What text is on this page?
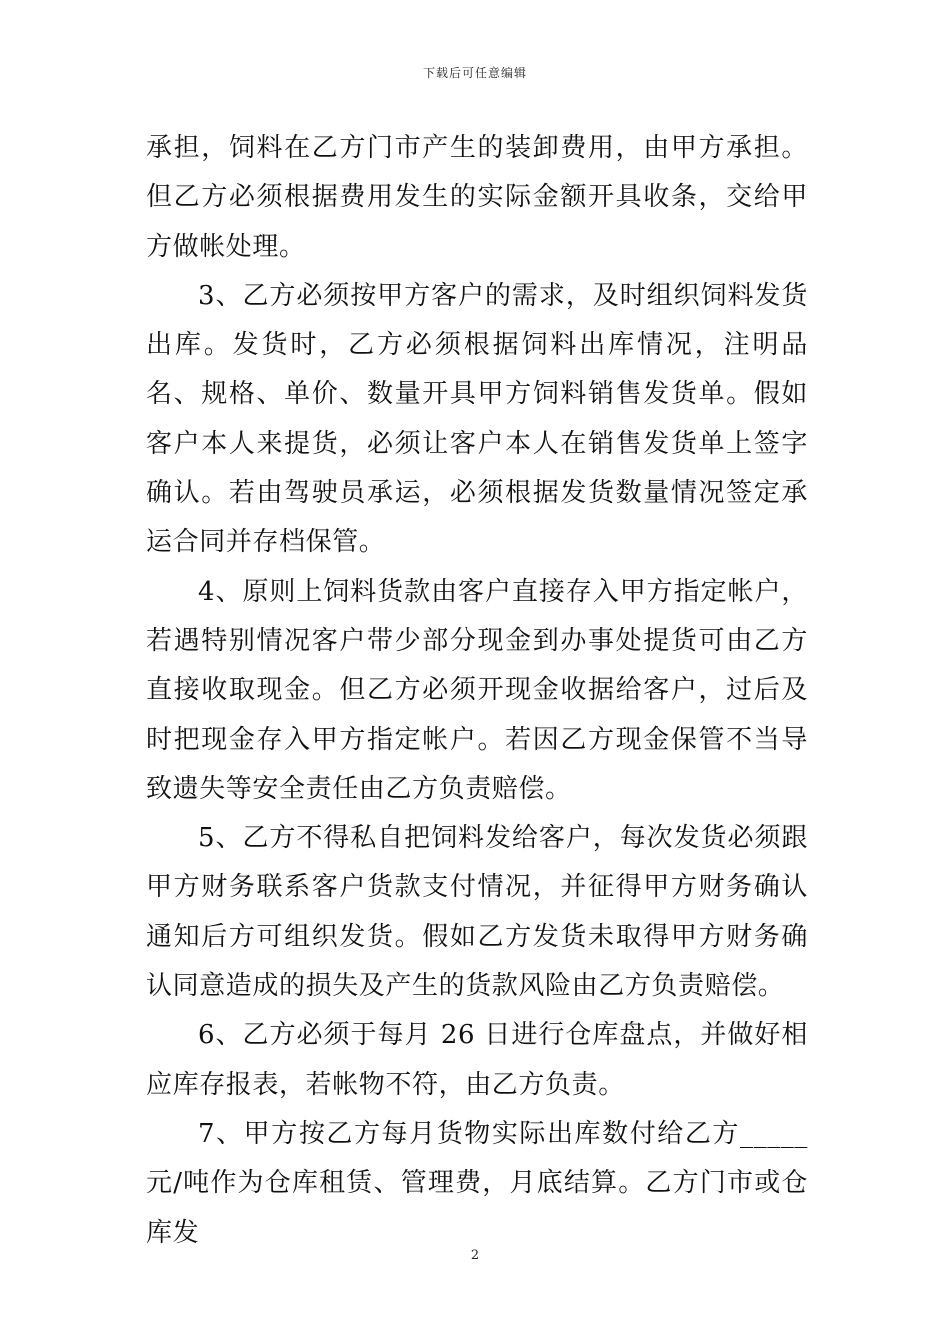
下载后可任意编辑

承担，饲料在乙方门市产生的装卸费用，由甲方承担。但乙方必须根据费用发生的实际金额开具收条，交给甲方做帐处理。

3、乙方必须按甲方客户的需求，及时组织饲料发货出库。发货时，乙方必须根据饲料出库情况，注明品名、规格、单价、数量开具甲方饲料销售发货单。假如客户本人来提货，必须让客户本人在销售发货单上签字确认。若由驾驶员承运，必须根据发货数量情况签定承运合同并存档保管。

4、原则上饲料货款由客户直接存入甲方指定帐户，若遇特别情况客户带少部分现金到办事处提货可由乙方直接收取现金。但乙方必须开现金收据给客户，过后及时把现金存入甲方指定帐户。若因乙方现金保管不当导致遗失等安全责任由乙方负责赔偿。

5、乙方不得私自把饲料发给客户，每次发货必须跟甲方财务联系客户货款支付情况，并征得甲方财务确认通知后方可组织发货。假如乙方发货未取得甲方财务确认同意造成的损失及产生的货款风险由乙方负责赔偿。

6、乙方必须于每月 26 日进行仓库盘点，并做好相应库存报表，若帐物不符，由乙方负责。

7、甲方按乙方每月货物实际出库数付给乙方_____元/吨作为仓库租赁、管理费，月底结算。乙方门市或仓库发

2
